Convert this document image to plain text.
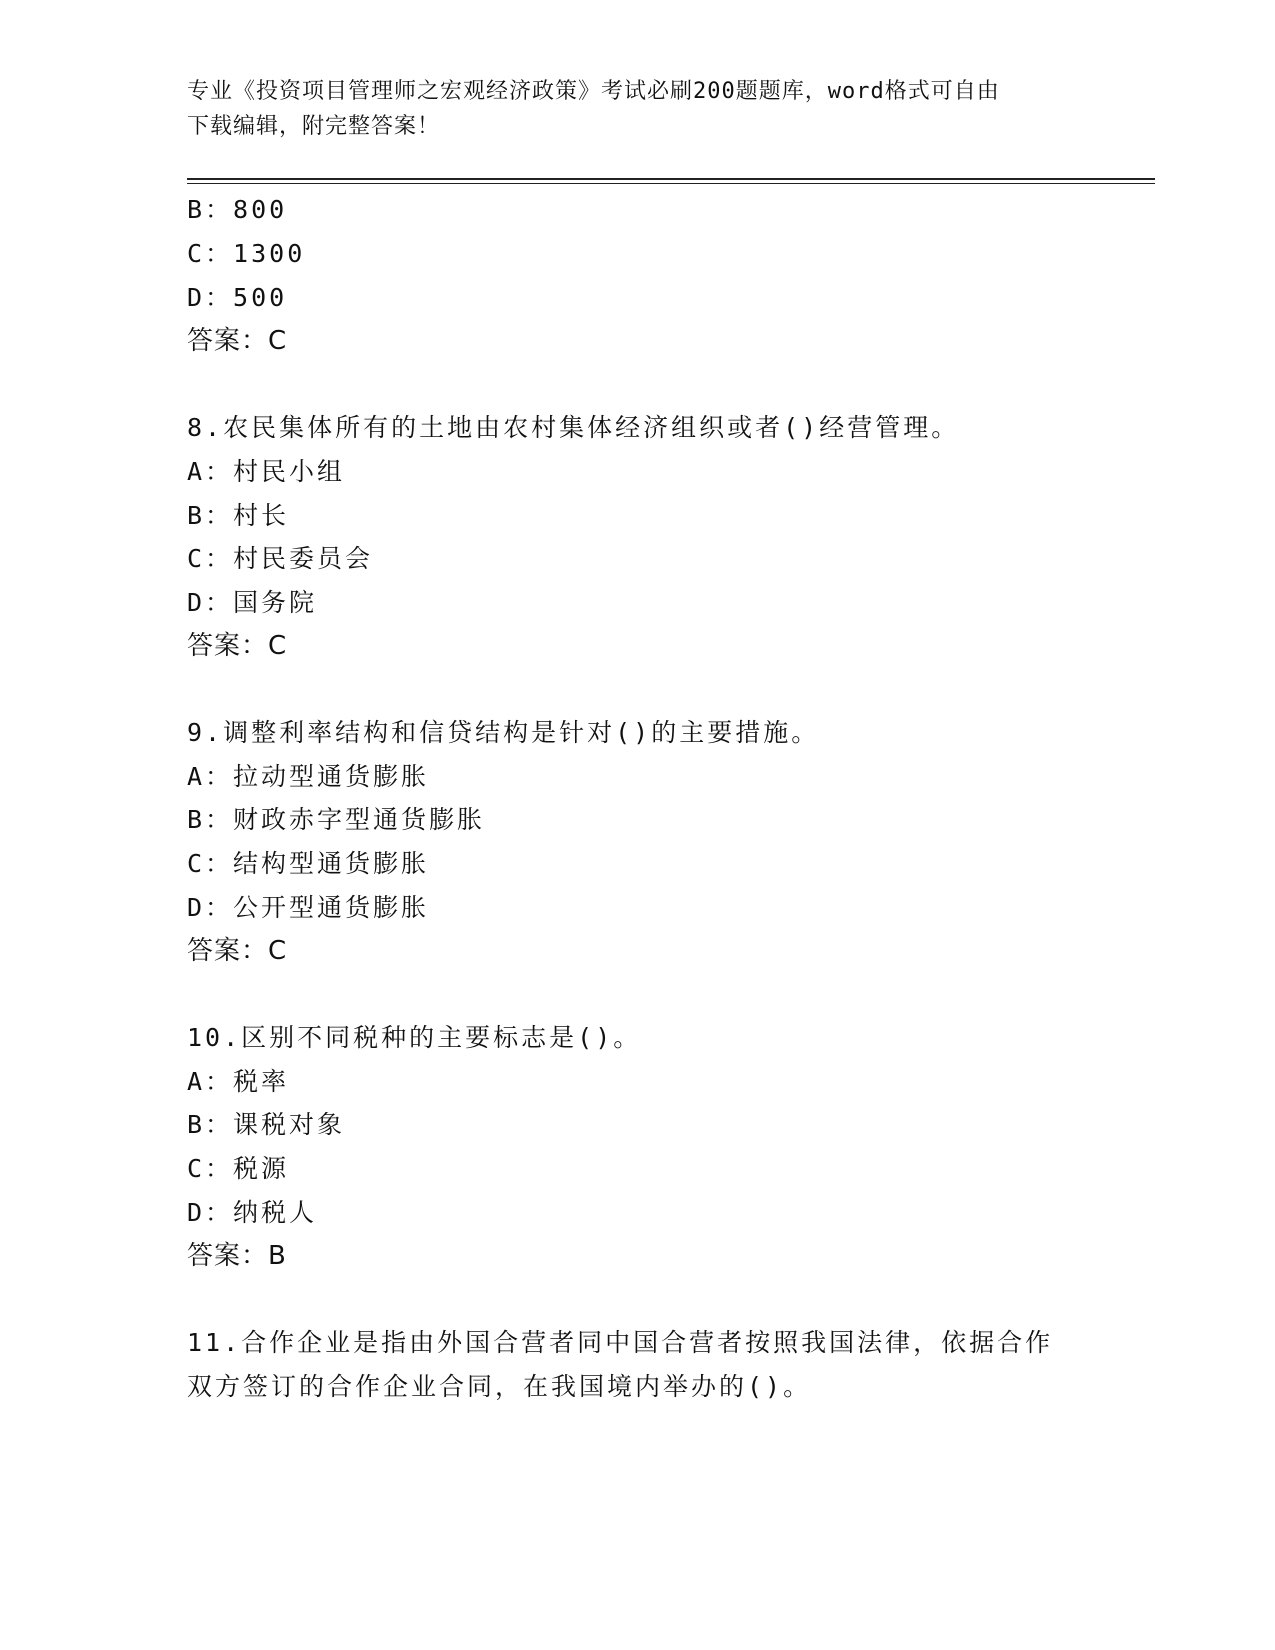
专业《投资项目管理师之宏观经济政策》考试必刷200题题库，word格式可自由
下载编辑，附完整答案！
B：800
C：1300
D：500
答案：C
8.农民集体所有的土地由农村集体经济组织或者()经营管理。
A：村民小组
B：村长
C：村民委员会
D：国务院
答案：C
9.调整利率结构和信贷结构是针对()的主要措施。
A：拉动型通货膨胀
B：财政赤字型通货膨胀
C：结构型通货膨胀
D：公开型通货膨胀
答案：C
10.区别不同税种的主要标志是()。
A：税率
B：课税对象
C：税源
D：纳税人
答案：B
11.合作企业是指由外国合营者同中国合营者按照我国法律，依据合作
双方签订的合作企业合同，在我国境内举办的()。
